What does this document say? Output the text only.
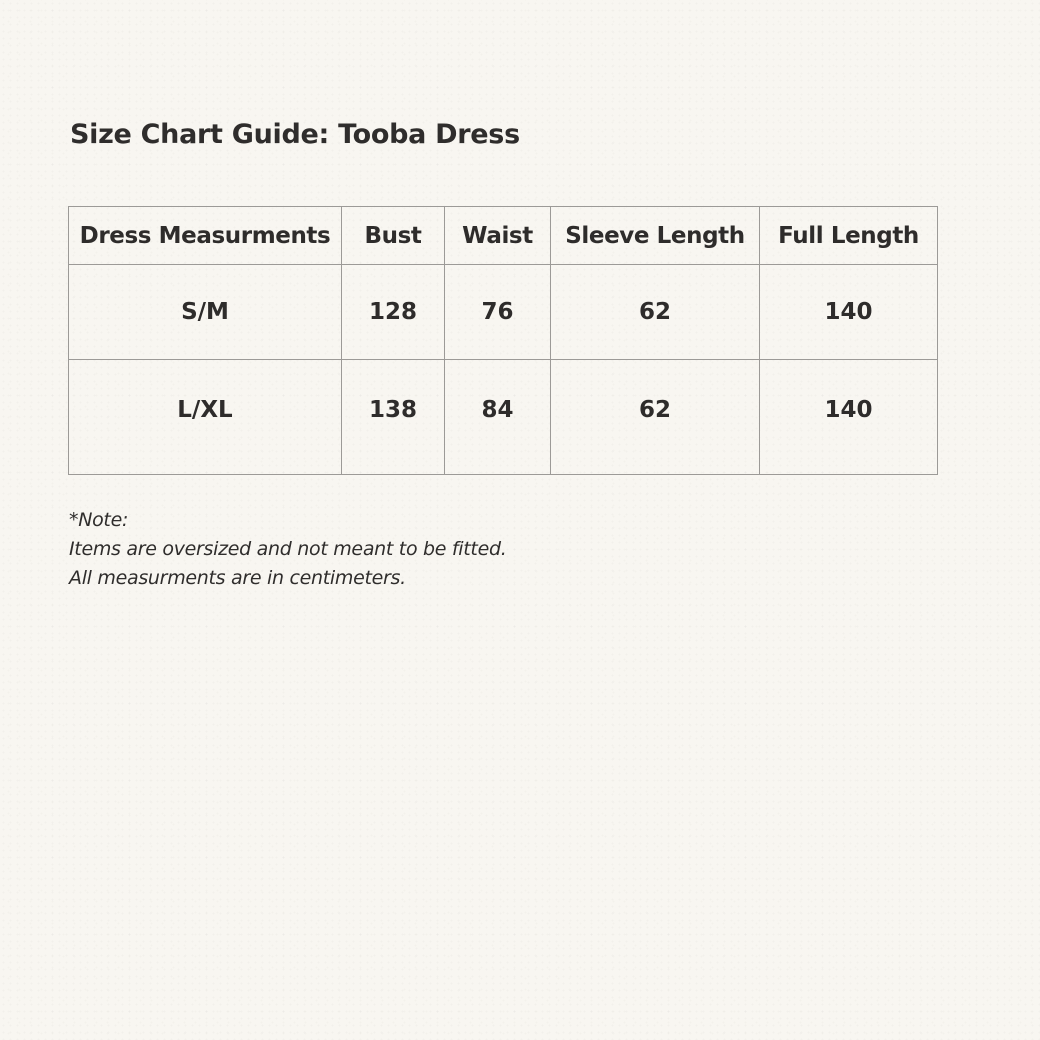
Size Chart Guide: Tooba Dress
Dress Measurments	Bust	Waist	Sleeve Length	Full Length
S/M	128	76	62	140
L/XL	138	84	62	140
*Note:
Items are oversized and not meant to be fitted.
All measurments are in centimeters.
